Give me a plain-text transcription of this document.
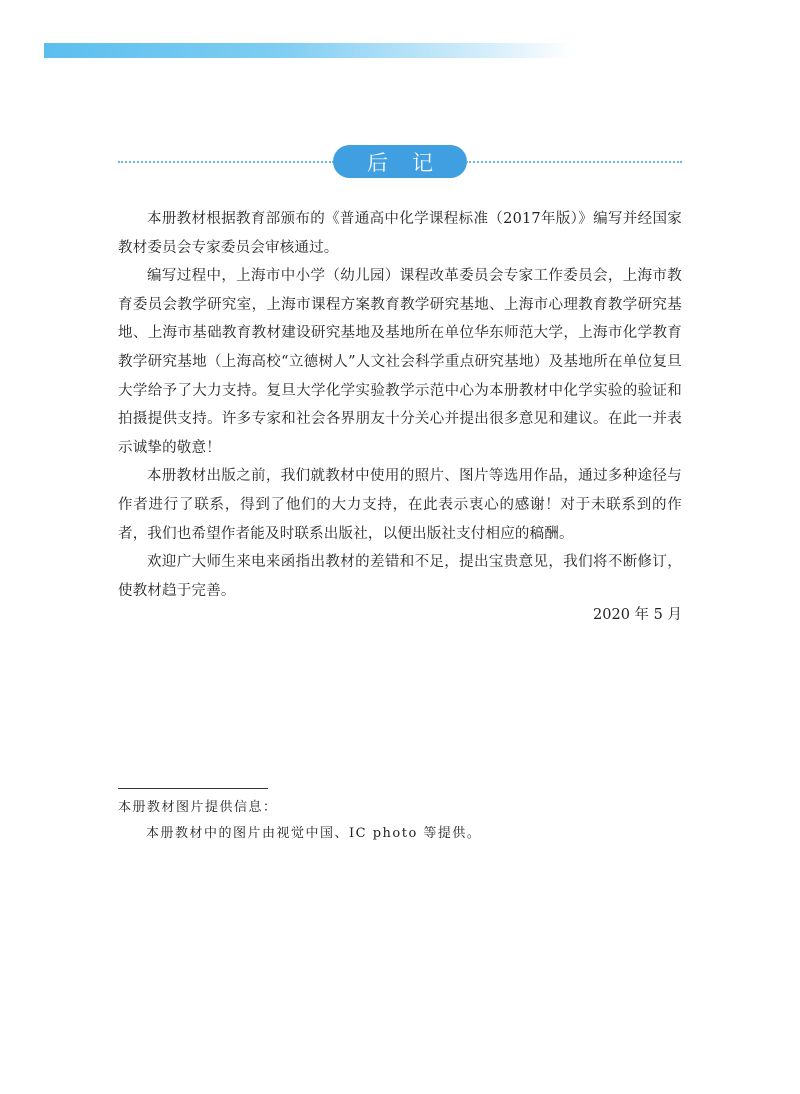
后记

本册教材根据教育部颁布的《普通高中化学课程标准（2017年版）》编写并经国家教材委员会专家委员会审核通过。

编写过程中，上海市中小学（幼儿园）课程改革委员会专家工作委员会，上海市教育委员会教学研究室，上海市课程方案教育教学研究基地、上海市心理教育教学研究基地、上海市基础教育教材建设研究基地及基地所在单位华东师范大学，上海市化学教育教学研究基地（上海高校“立德树人”人文社会科学重点研究基地）及基地所在单位复旦大学给予了大力支持。复旦大学化学实验教学示范中心为本册教材中化学实验的验证和拍摄提供支持。许多专家和社会各界朋友十分关心并提出很多意见和建议。在此一并表示诚挚的敬意！

本册教材出版之前，我们就教材中使用的照片、图片等选用作品，通过多种途径与作者进行了联系，得到了他们的大力支持，在此表示衷心的感谢！对于未联系到的作者，我们也希望作者能及时联系出版社，以便出版社支付相应的稿酬。

欢迎广大师生来电来函指出教材的差错和不足，提出宝贵意见，我们将不断修订，使教材趋于完善。

2020 年 5 月
本册教材图片提供信息：
本册教材中的图片由视觉中国、IC photo 等提供。
